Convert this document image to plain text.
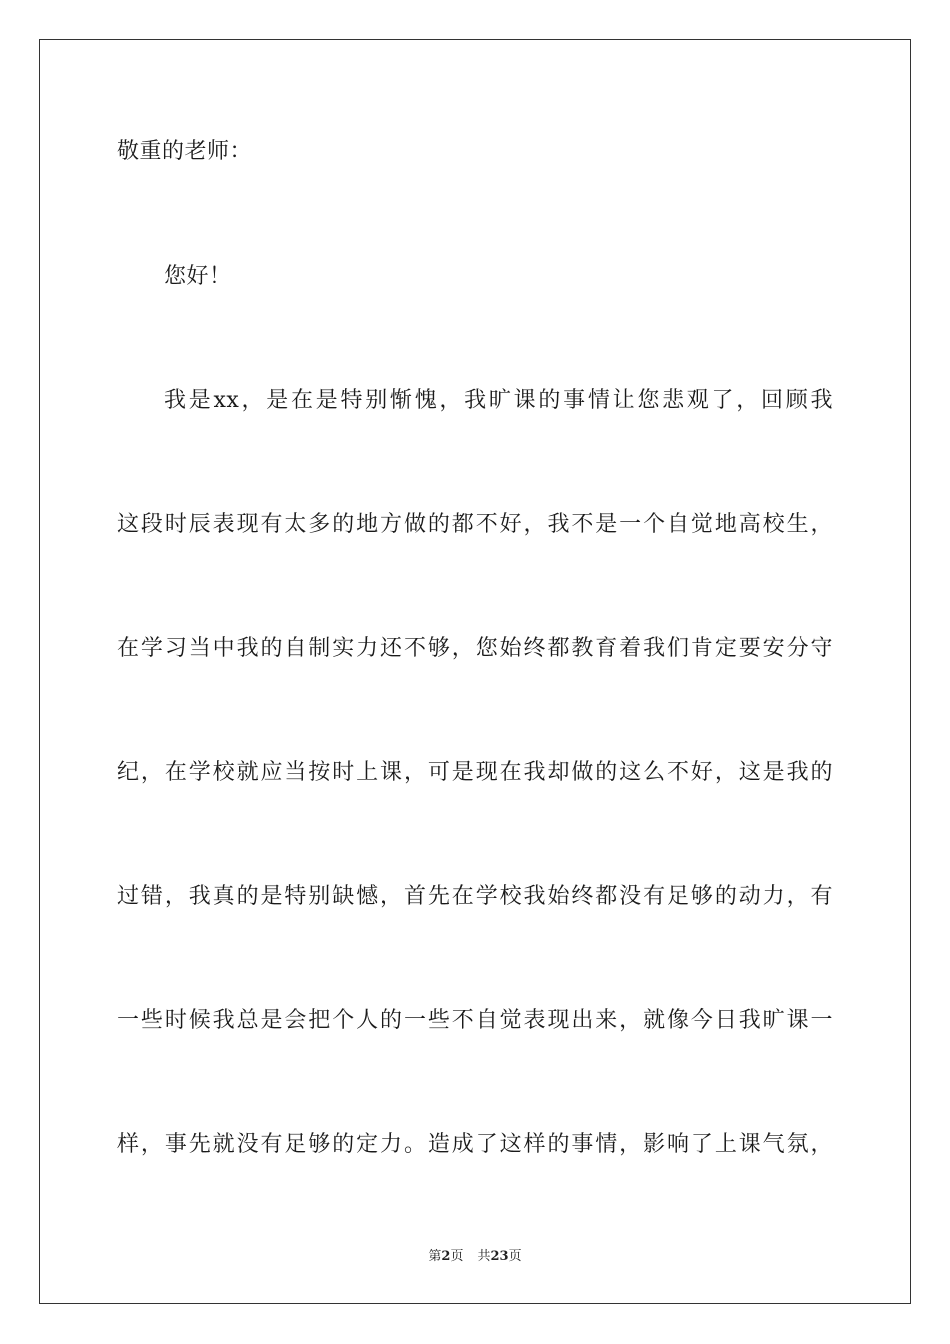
敬重的老师：
您好！
我是xx，是在是特别惭愧，我旷课的事情让您悲观了，回顾我
这段时辰表现有太多的地方做的都不好，我不是一个自觉地高校生，
在学习当中我的自制实力还不够，您始终都教育着我们肯定要安分守
纪，在学校就应当按时上课，可是现在我却做的这么不好，这是我的
过错，我真的是特别缺憾，首先在学校我始终都没有足够的动力，有
一些时候我总是会把个人的一些不自觉表现出来，就像今日我旷课一
样，事先就没有足够的定力。造成了这样的事情，影响了上课气氛，
第2页 共23页
